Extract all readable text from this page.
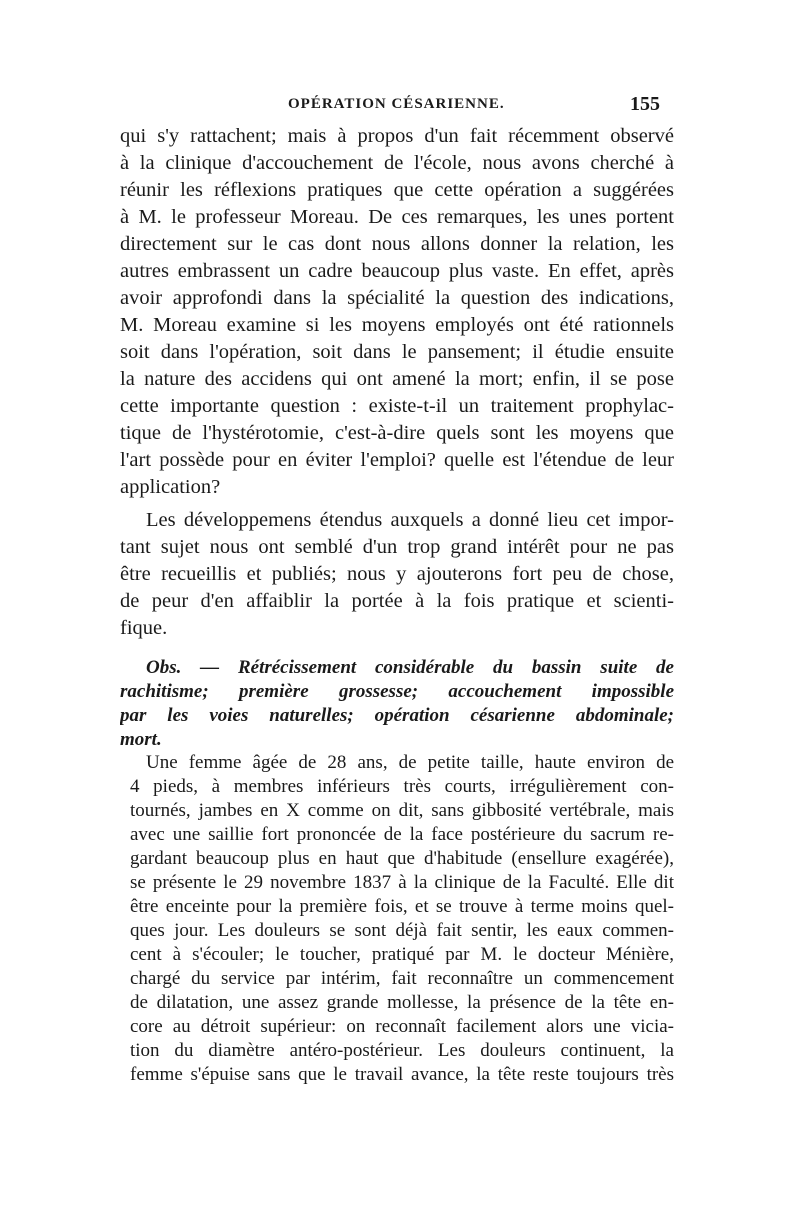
OPÉRATION CÉSARIENNE.	155
qui s'y rattachent; mais à propos d'un fait récemment observé
à la clinique d'accouchement de l'école, nous avons cherché à
réunir les réflexions pratiques que cette opération a suggérées
à M. le professeur Moreau. De ces remarques, les unes portent
directement sur le cas dont nous allons donner la relation, les
autres embrassent un cadre beaucoup plus vaste. En effet, après
avoir approfondi dans la spécialité la question des indications,
M. Moreau examine si les moyens employés ont été rationnels
soit dans l'opération, soit dans le pansement; il étudie ensuite
la nature des accidens qui ont amené la mort; enfin, il se pose
cette importante question : existe-t-il un traitement prophylac-
tique de l'hystérotomie, c'est-à-dire quels sont les moyens que
l'art possède pour en éviter l'emploi? quelle est l'étendue de leur
application?
Les développemens étendus auxquels a donné lieu cet impor-
tant sujet nous ont semblé d'un trop grand intérêt pour ne pas
être recueillis et publiés; nous y ajouterons fort peu de chose,
de peur d'en affaiblir la portée à la fois pratique et scienti-
fique.
Obs. — Rétrécissement considérable du bassin suite de
rachitisme; première grossesse; accouchement impossible
par les voies naturelles; opération césarienne abdominale;
mort.
Une femme âgée de 28 ans, de petite taille, haute environ de
4 pieds, à membres inférieurs très courts, irrégulièrement con-
tournés, jambes en X comme on dit, sans gibbosité vertébrale, mais
avec une saillie fort prononcée de la face postérieure du sacrum re-
gardant beaucoup plus en haut que d'habitude (ensellure exagérée),
se présente le 29 novembre 1837 à la clinique de la Faculté. Elle dit
être enceinte pour la première fois, et se trouve à terme moins quel-
ques jour. Les douleurs se sont déjà fait sentir, les eaux commen-
cent à s'écouler; le toucher, pratiqué par M. le docteur Ménière,
chargé du service par intérim, fait reconnaître un commencement
de dilatation, une assez grande mollesse, la présence de la tête en-
core au détroit supérieur: on reconnaît facilement alors une vicia-
tion du diamètre antéro-postérieur. Les douleurs continuent, la
femme s'épuise sans que le travail avance, la tête reste toujours très
